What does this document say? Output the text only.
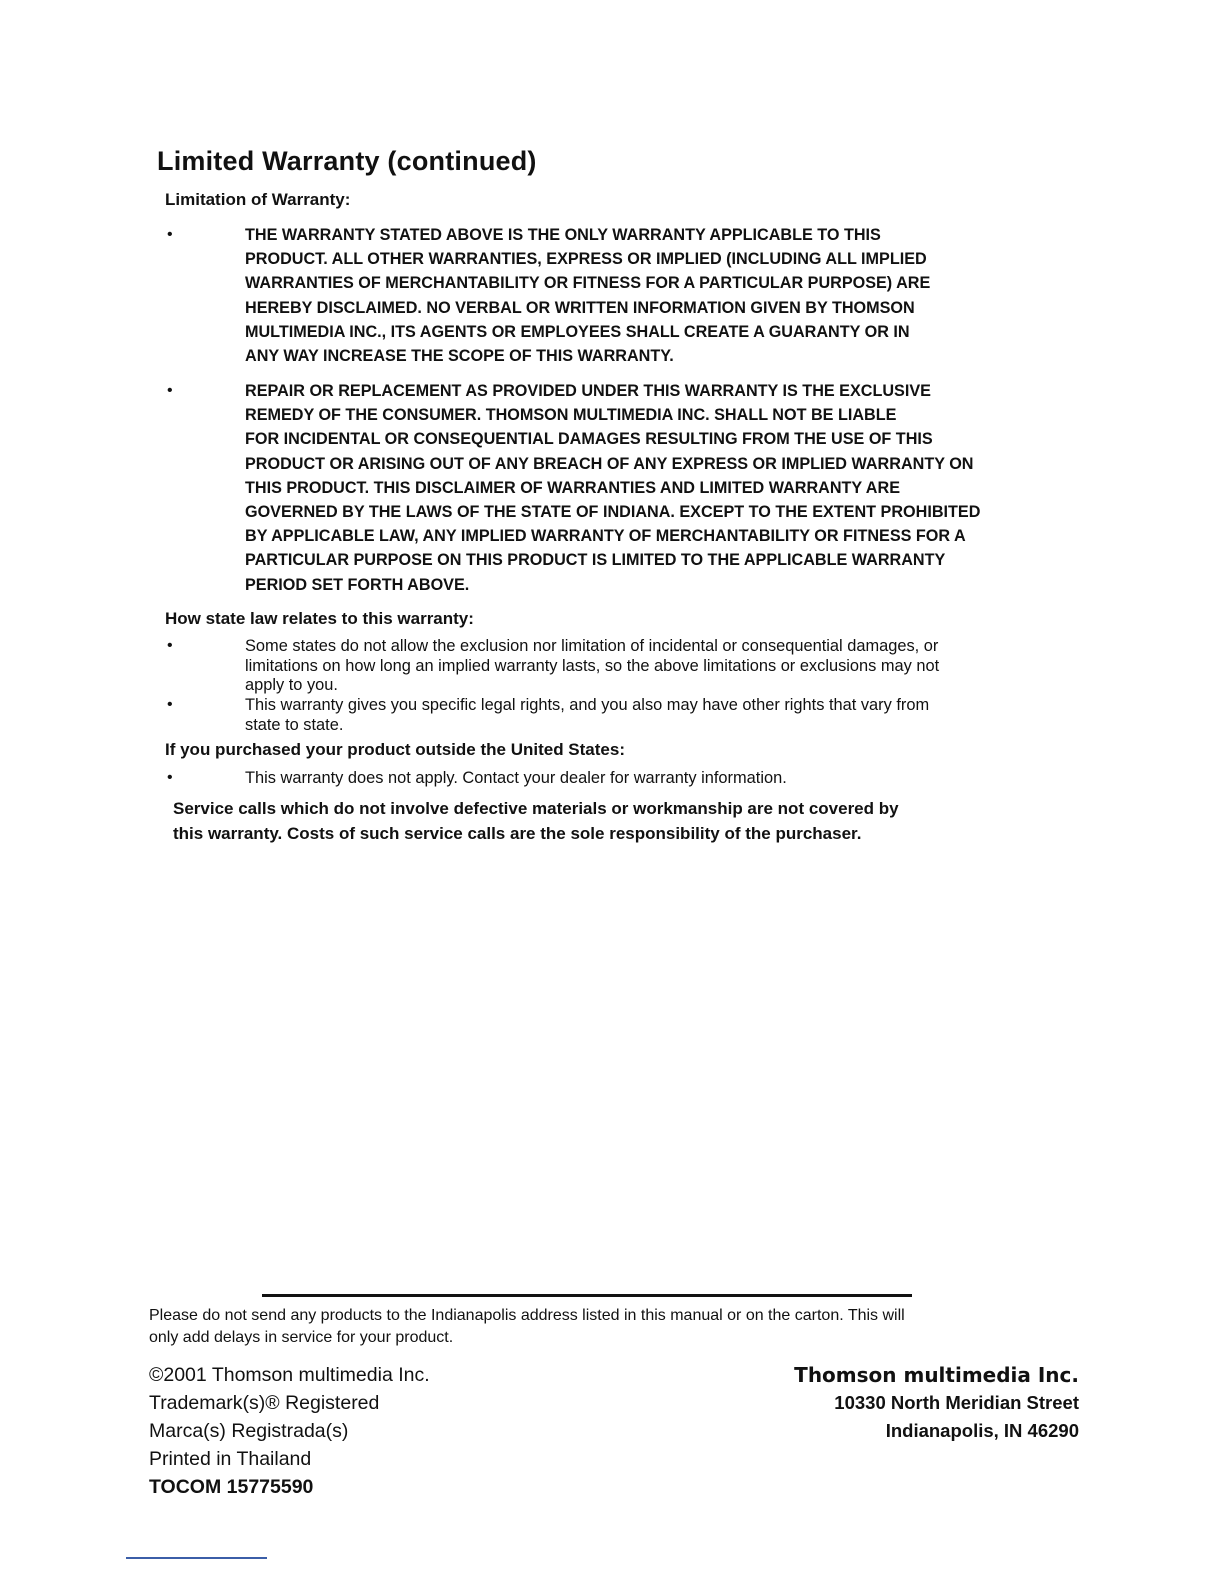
Limited Warranty (continued)
Limitation of Warranty:
•	THE WARRANTY STATED ABOVE IS THE ONLY WARRANTY APPLICABLE TO THIS

PRODUCT. ALL OTHER WARRANTIES, EXPRESS OR IMPLIED (INCLUDING ALL IMPLIED

WARRANTIES OF MERCHANTABILITY OR FITNESS FOR A PARTICULAR PURPOSE) ARE

HEREBY DISCLAIMED. NO VERBAL OR WRITTEN INFORMATION GIVEN BY THOMSON

MULTIMEDIA INC., ITS AGENTS OR EMPLOYEES SHALL CREATE A GUARANTY OR IN

ANY WAY INCREASE THE SCOPE OF THIS WARRANTY.

•	REPAIR OR REPLACEMENT AS PROVIDED UNDER THIS WARRANTY IS THE EXCLUSIVE

REMEDY OF THE CONSUMER. THOMSON MULTIMEDIA INC. SHALL NOT BE LIABLE

FOR INCIDENTAL OR CONSEQUENTIAL DAMAGES RESULTING FROM THE USE OF THIS

PRODUCT OR ARISING OUT OF ANY BREACH OF ANY EXPRESS OR IMPLIED WARRANTY ON

THIS PRODUCT. THIS DISCLAIMER OF WARRANTIES AND LIMITED WARRANTY ARE

GOVERNED BY THE LAWS OF THE STATE OF INDIANA. EXCEPT TO THE EXTENT PROHIBITED

BY APPLICABLE LAW, ANY IMPLIED WARRANTY OF MERCHANTABILITY OR FITNESS FOR A

PARTICULAR PURPOSE ON THIS PRODUCT IS LIMITED TO THE APPLICABLE WARRANTY

PERIOD SET FORTH ABOVE.

How state law relates to this warranty:
•	Some states do not allow the exclusion nor limitation of incidental or consequential damages, or

limitations on how long an implied warranty lasts, so the above limitations or exclusions may not

apply to you.

•	This warranty gives you specific legal rights, and you also may have other rights that vary from

state to state.

If you purchased your product outside the United States:
•	This warranty does not apply. Contact your dealer for warranty information.

Service calls which do not involve defective materials or workmanship are not covered by

this warranty. Costs of such service calls are the sole responsibility of the purchaser.

Please do not send any products to the Indianapolis address listed in this manual or on the carton. This will

only add delays in service for your product.

©2001 Thomson multimedia Inc.

Trademark(s)® Registered

Marca(s) Registrada(s)

Printed in Thailand

TOCOM 15775590

Thomson multimedia Inc.

10330 North Meridian Street

Indianapolis, IN 46290
